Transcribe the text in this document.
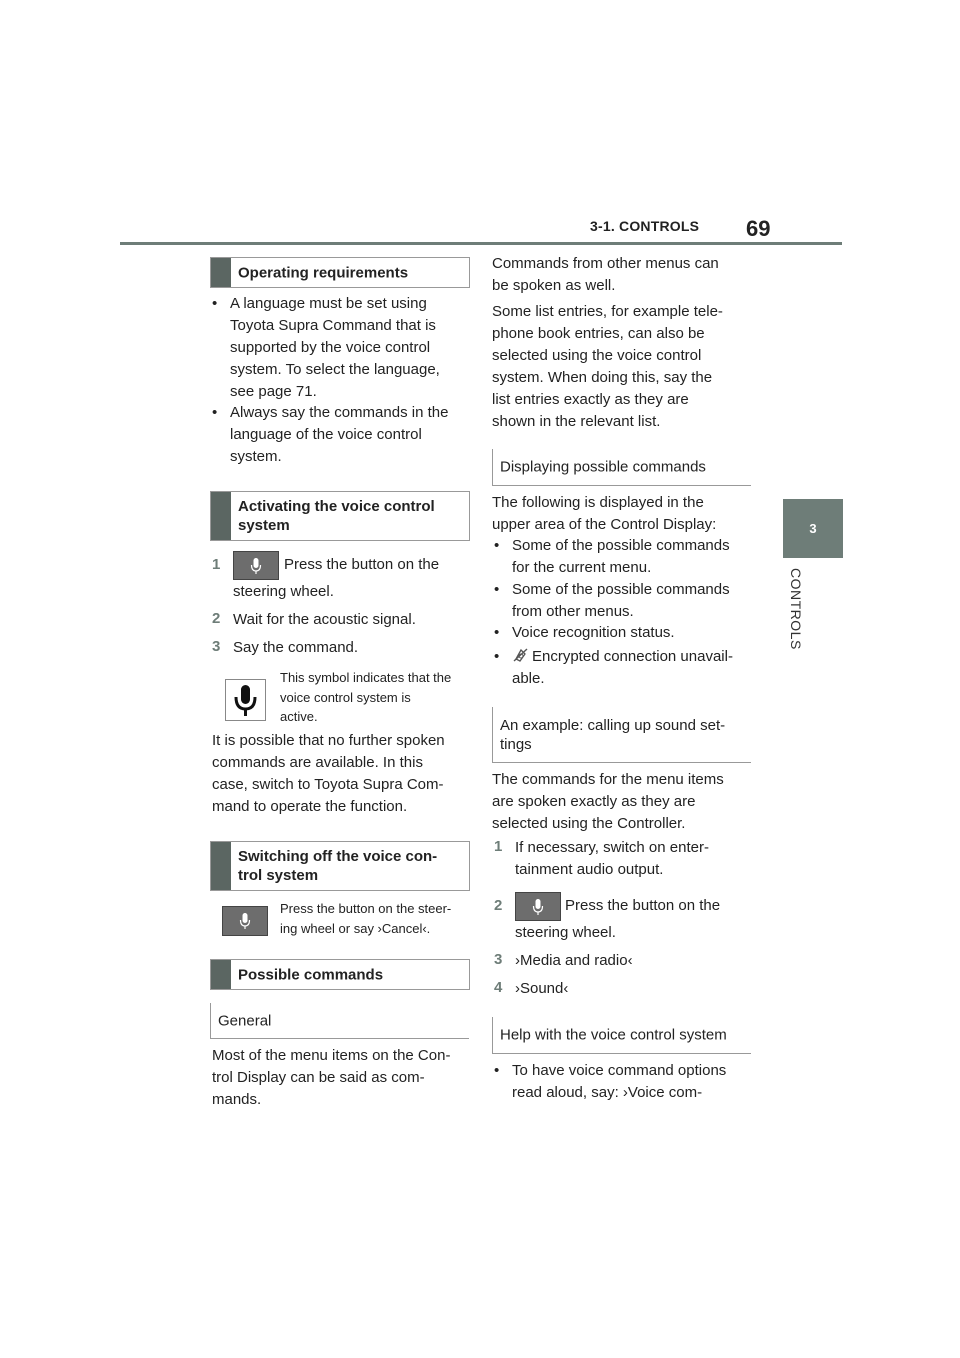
3-1. CONTROLS 69
3
CONTROLS
Operating requirements
• A language must be set using
Toyota Supra Command that is
supported by the voice control
system. To select the language,
see page 71.
• Always say the commands in the
language of the voice control
system.
Activating the voice control
system
1	Press the button on the
steering wheel.
2 Wait for the acoustic signal.
3 Say the command.
This symbol indicates that the
voice control system is
active.
It is possible that no further spoken
commands are available. In this
case, switch to Toyota Supra Com-
mand to operate the function.
Switching off the voice con-
trol system
Press the button on the steer-
ing wheel or say ›Cancel‹.
Possible commands
General
Most of the menu items on the Con-
trol Display can be said as com-
mands.
Commands from other menus can
be spoken as well.
Some list entries, for example tele-
phone book entries, can also be
selected using the voice control
system. When doing this, say the
list entries exactly as they are
shown in the relevant list.
Displaying possible commands
The following is displayed in the
upper area of the Control Display:
• Some of the possible commands
for the current menu.
• Some of the possible commands
from other menus.
• Voice recognition status.
•	Encrypted connection unavail-
able.
An example: calling up sound set-
tings
The commands for the menu items
are spoken exactly as they are
selected using the Controller.
1 If necessary, switch on enter-
tainment audio output.
2	Press the button on the
steering wheel.
3 ›Media and radio‹
4 ›Sound‹
Help with the voice control system
• To have voice command options
read aloud, say: ›Voice com-
